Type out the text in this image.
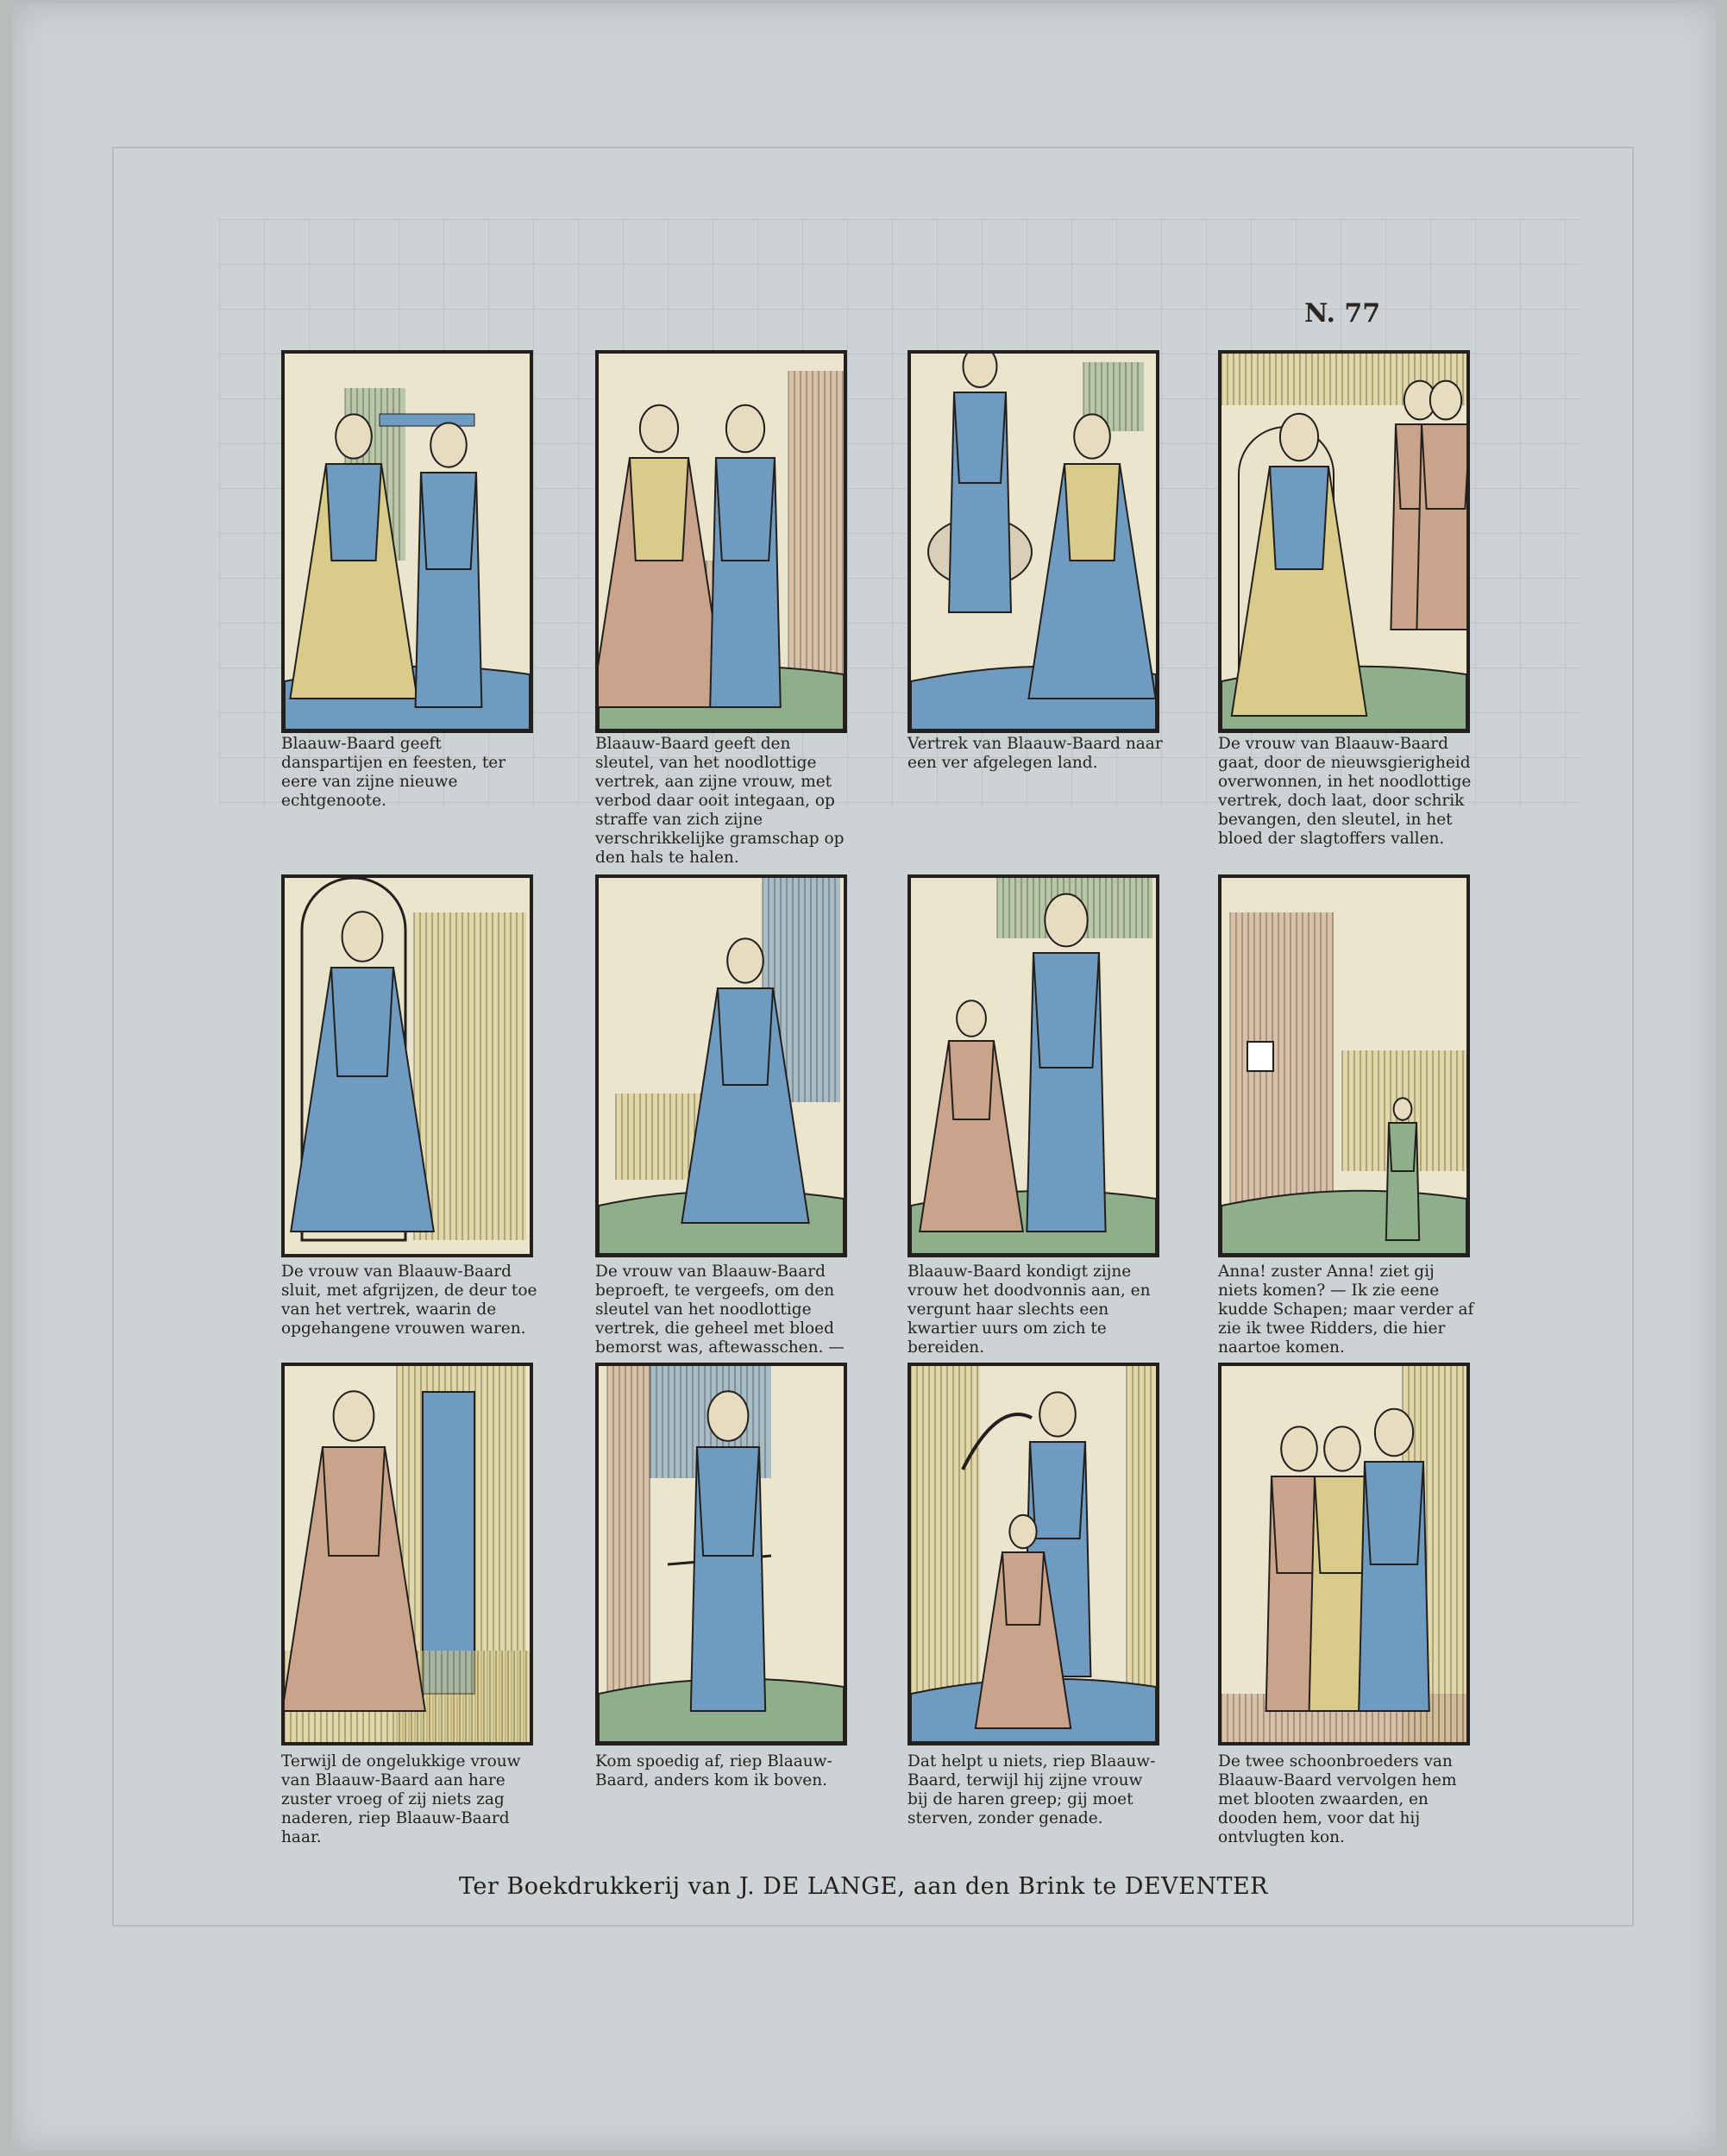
N. 77
Blaauw-Baard geeft danspartijen en feesten, ter eere van zijne nieuwe echtgenoote.
Blaauw-Baard geeft den sleutel, van het noodlottige vertrek, aan zijne vrouw, met verbod daar ooit integaan, op straffe van zich zijne verschrikkelijke gramschap op den hals te halen.
Vertrek van Blaauw-Baard naar een ver afgelegen land.
De vrouw van Blaauw-Baard gaat, door de nieuwsgierigheid overwonnen, in het noodlottige vertrek, doch laat, door schrik bevangen, den sleutel, in het bloed der slagtoffers vallen.
De vrouw van Blaauw-Baard sluit, met afgrijzen, de deur toe van het vertrek, waarin de opgehangene vrouwen waren.
De vrouw van Blaauw-Baard beproeft, te vergeefs, om den sleutel van het noodlottige vertrek, die geheel met bloed bemorst was, aftewasschen. —
Blaauw-Baard kondigt zijne vrouw het doodvonnis aan, en vergunt haar slechts een kwartier uurs om zich te bereiden.
Anna! zuster Anna! ziet gij niets komen? — Ik zie eene kudde Schapen; maar verder af zie ik twee Ridders, die hier naartoe komen.
Terwijl de ongelukkige vrouw van Blaauw-Baard aan hare zuster vroeg of zij niets zag naderen, riep Blaauw-Baard haar.
Kom spoedig af, riep Blaauw-Baard, anders kom ik boven.
Dat helpt u niets, riep Blaauw-Baard, terwijl hij zijne vrouw bij de haren greep; gij moet sterven, zonder genade.
De twee schoonbroeders van Blaauw-Baard vervolgen hem met blooten zwaarden, en dooden hem, voor dat hij ontvlugten kon.
Ter Boekdrukkerij van J. DE LANGE, aan den Brink te DEVENTER
